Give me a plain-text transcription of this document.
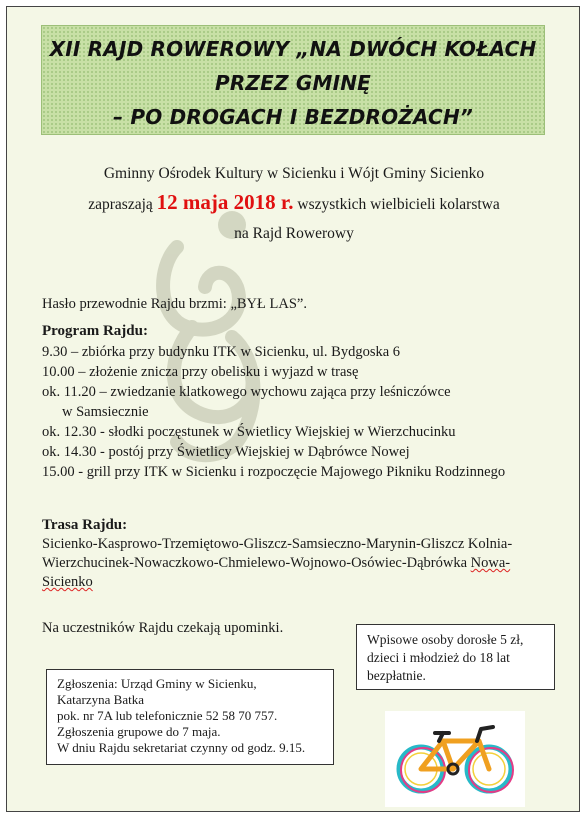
XII RAJD ROWEROWY „NA DWÓCH KOŁACH
PRZEZ GMINĘ
– PO DROGACH I BEZDROŻACH”
Gminny Ośrodek Kultury w Sicienku i Wójt Gminy Sicienko
zapraszają 12 maja 2018 r. wszystkich wielbicieli kolarstwa
na Rajd Rowerowy
Hasło przewodnie Rajdu brzmi: „BYŁ LAS”.
Program Rajdu:
9.30 – zbiórka przy budynku ITK w Sicienku, ul. Bydgoska 6
10.00 – złożenie znicza przy obelisku i wyjazd w trasę
ok. 11.20 – zwiedzanie klatkowego wychowu zająca przy leśniczówce
w Samsiecznie
ok. 12.30 - słodki poczęstunek w Świetlicy Wiejskiej w Wierzchucinku
ok. 14.30 - postój przy Świetlicy Wiejskiej w Dąbrówce Nowej
15.00 - grill przy ITK w Sicienku i rozpoczęcie Majowego Pikniku Rodzinnego
Trasa Rajdu:
Sicienko-Kasprowo-Trzemiętowo-Gliszcz-Samsieczno-Marynin-Gliszcz Kolnia-
Wierzchucinek-Nowaczkowo-Chmielewo-Wojnowo-Osówiec-Dąbrówka Nowa-
Sicienko
Na uczestników Rajdu czekają upominki.
Wpisowe osoby dorosłe 5 zł,
dzieci i młodzież do 18 lat
bezpłatnie.
Zgłoszenia: Urząd Gminy w Sicienku,
Katarzyna Batka
pok. nr 7A lub telefonicznie 52 58 70 757.
Zgłoszenia grupowe do 7 maja.
W dniu Rajdu sekretariat czynny od godz. 9.15.
